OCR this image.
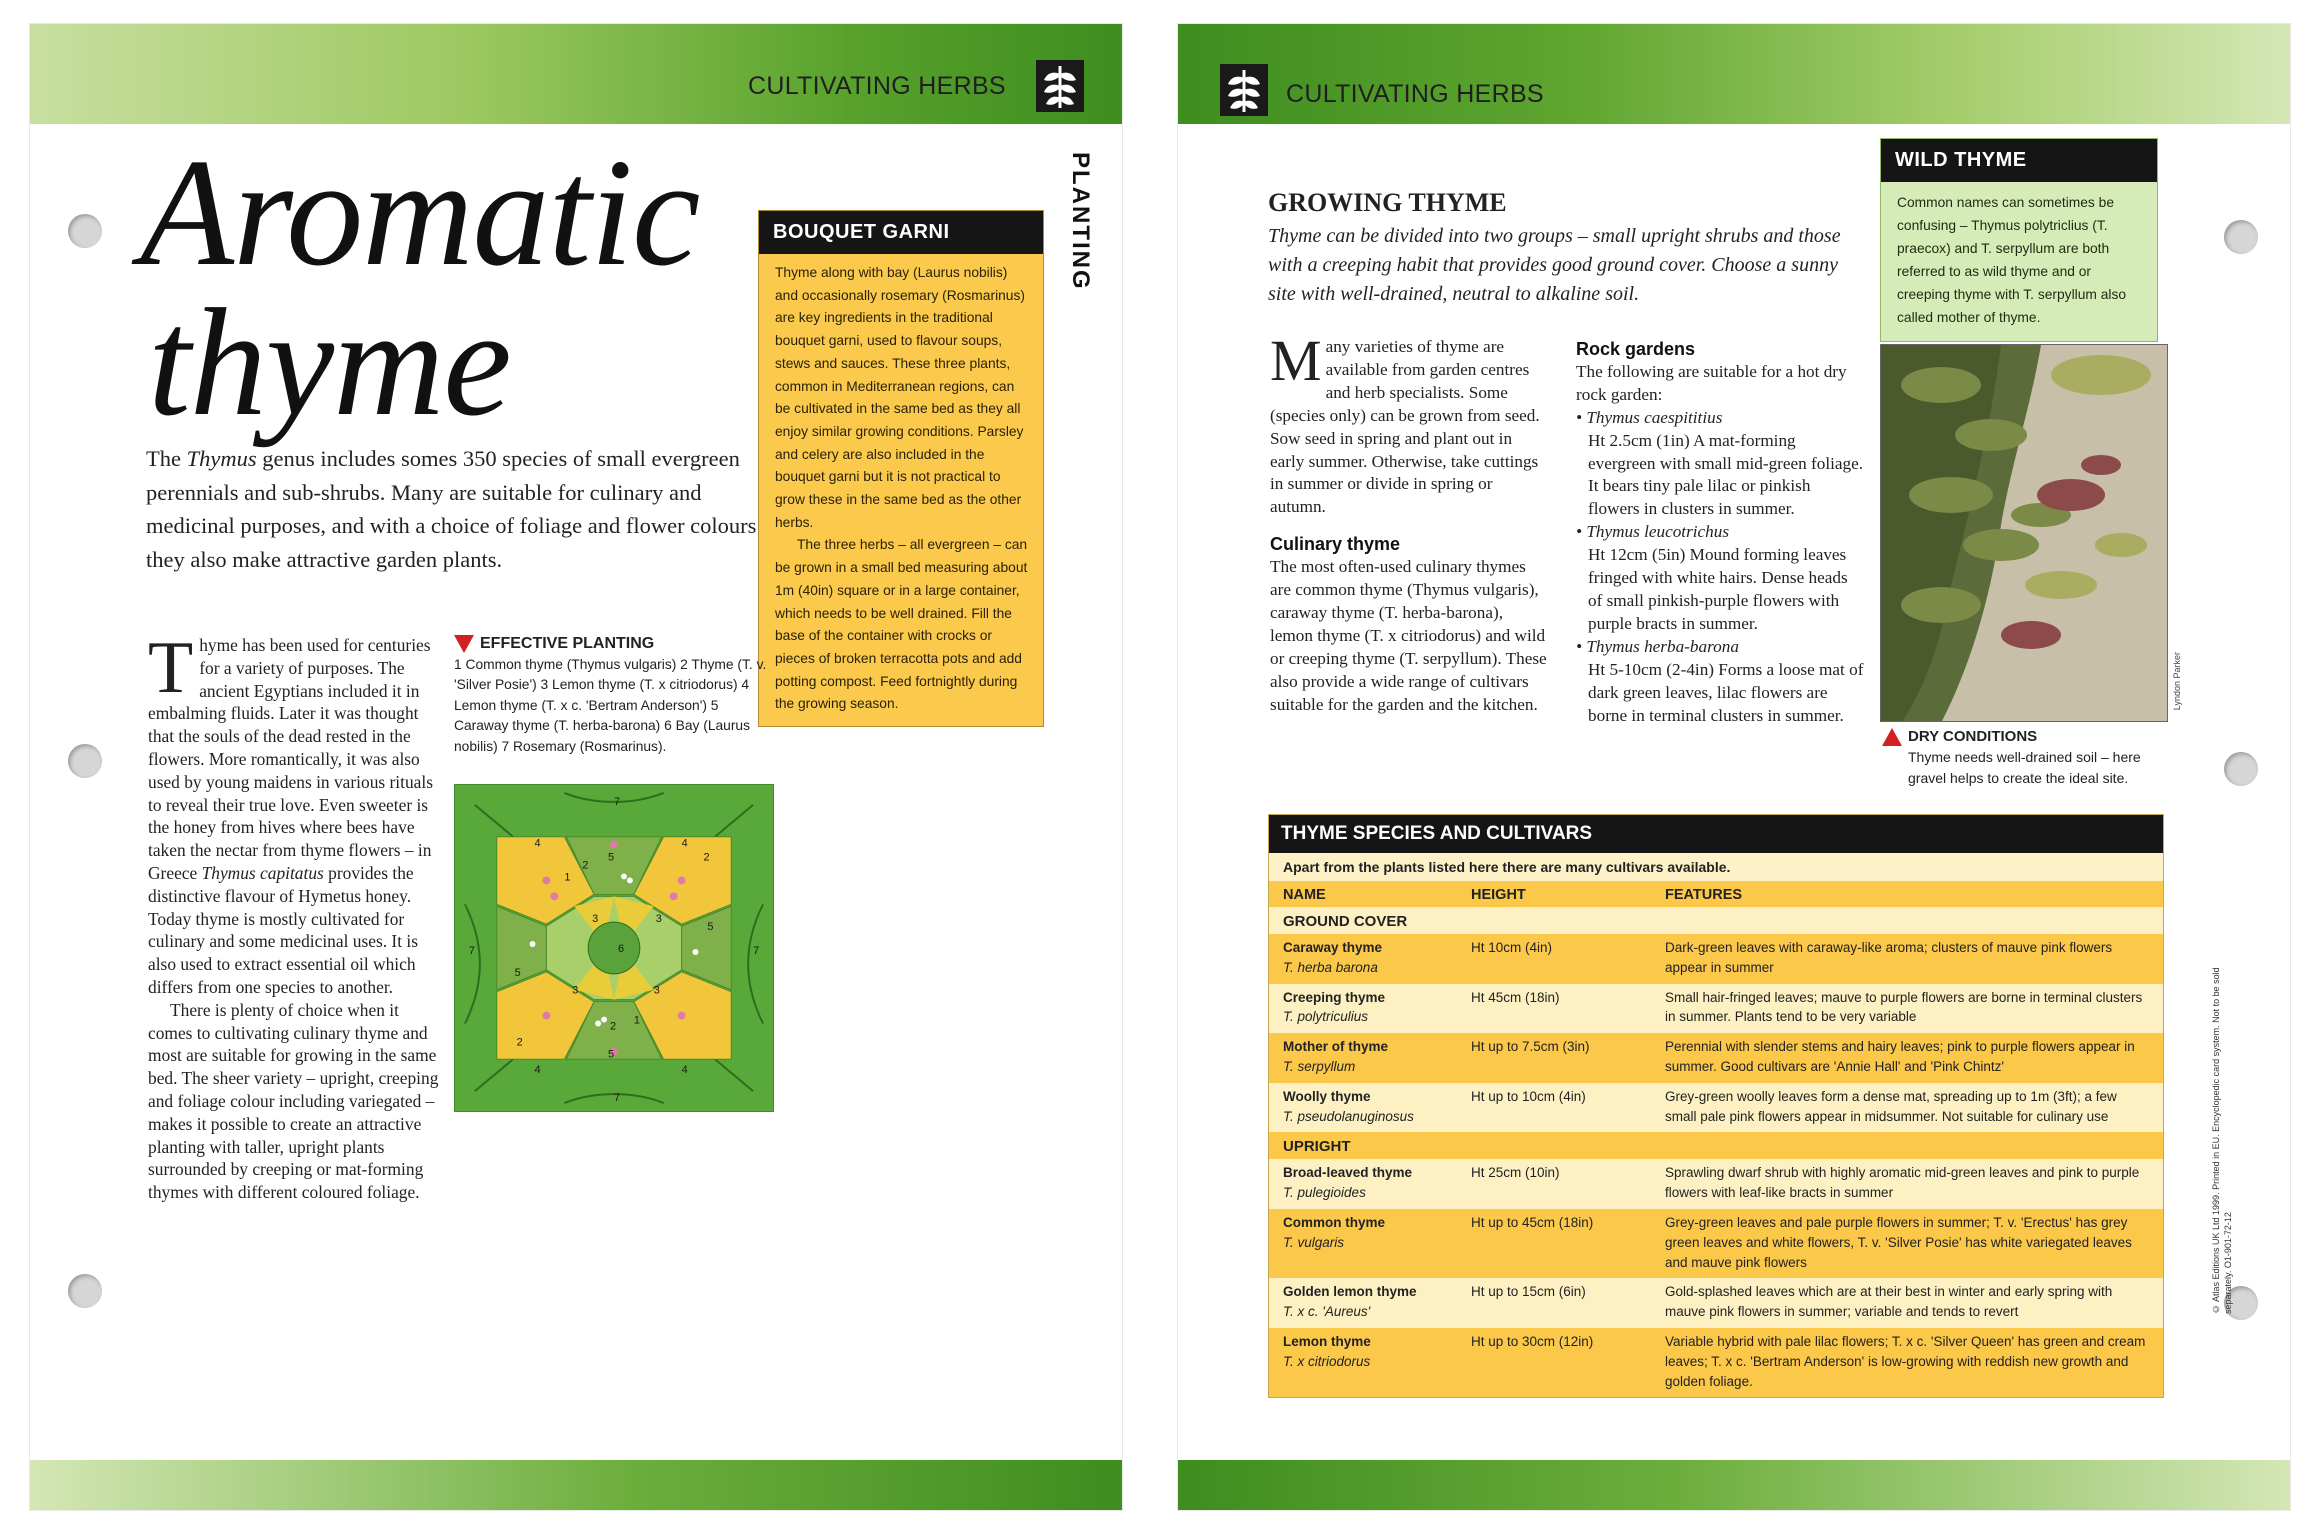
CULTIVATING HERBS
PLANTING
Aromatic
thyme
The Thymus genus includes somes 350 species of small evergreen perennials and sub-shrubs. Many are suitable for culinary and medicinal purposes, and with a choice of foliage and flower colours they also make attractive garden plants.
Thyme has been used for centuries for a variety of purposes. The ancient Egyptians included it in embalming fluids. Later it was thought that the souls of the dead rested in the flowers. More romantically, it was also used by young maidens in various rituals to reveal their true love. Even sweeter is the honey from hives where bees have taken the nectar from thyme flowers – in Greece Thymus capitatus provides the distinctive flavour of Hymetus honey. Today thyme is mostly cultivated for culinary and some medicinal uses. It is also used to extract essential oil which differs from one species to another.
There is plenty of choice when it comes to cultivating culinary thyme and most are suitable for growing in the same bed. The sheer variety – upright, creeping and foliage colour including variegated – makes it possible to create an attractive planting with taller, upright plants surrounded by creeping or mat-forming thymes with different coloured foliage.
BOUQUET GARNI
Thyme along with bay (Laurus nobilis) and occasionally rosemary (Rosmarinus) are key ingredients in the traditional bouquet garni, used to flavour soups, stews and sauces. These three plants, common in Mediterranean regions, can be cultivated in the same bed as they all enjoy similar growing conditions. Parsley and celery are also included in the bouquet garni but it is not practical to grow these in the same bed as the other herbs.
The three herbs – all evergreen – can be grown in a small bed measuring about 1m (40in) square or in a large container, which needs to be well drained. Fill the base of the container with crocks or pieces of broken terracotta pots and add potting compost. Feed fortnightly during the growing season.
EFFECTIVE PLANTING
1 Common thyme (Thymus vulgaris) 2 Thyme (T. v. 'Silver Posie') 3 Lemon thyme (T. x citriodorus) 4 Lemon thyme (T. x c. 'Bertram Anderson') 5 Caraway thyme (T. herba-barona) 6 Bay (Laurus nobilis) 7 Rosemary (Rosmarinus).
7
7
7	7
1
1
2
2
2
2
3	3
3	3
4	4
4	4
5
5
5
5
6
CULTIVATING HERBS
GROWING THYME

Thyme can be divided into two groups – small upright shrubs and those with a creeping habit that provides good ground cover. Choose a sunny site with well-drained, neutral to alkaline soil.

WILD THYME
Common names can sometimes be confusing – Thymus polytriclius (T. praecox) and T. serpyllum are both referred to as wild thyme and or creeping thyme with T. serpyllum also called mother of thyme.
Many varieties of thyme are available from garden centres and herb specialists. Some (species only) can be grown from seed. Sow seed in spring and plant out in early summer. Otherwise, take cuttings in summer or divide in spring or autumn.
Culinary thyme
The most often-used culinary thymes are common thyme (Thymus vulgaris), caraway thyme (T. herba-barona), lemon thyme (T. x citriodorus) and wild or creeping thyme (T. serpyllum). These also provide a wide range of cultivars suitable for the garden and the kitchen.
Rock gardens
The following are suitable for a hot dry rock garden:
• Thymus caespititius
Ht 2.5cm (1in) A mat-forming evergreen with small mid-green foliage. It bears tiny pale lilac or pinkish flowers in clusters in summer.
• Thymus leucotrichus
Ht 12cm (5in) Mound forming leaves fringed with white hairs. Dense heads of small pinkish-purple flowers with purple bracts in summer.
• Thymus herba-barona
Ht 5-10cm (2-4in) Forms a loose mat of dark green leaves, lilac flowers are borne in terminal clusters in summer.
Lyndon Parker
DRY CONDITIONS
Thyme needs well-drained soil – here gravel helps to create the ideal site.
THYME SPECIES AND CULTIVARS
Apart from the plants listed here there are many cultivars available.
NAME	HEIGHT	FEATURES
GROUND COVER
Caraway thyme
T. herba barona
Ht 10cm (4in)	Dark-green leaves with caraway-like aroma; clusters of mauve pink flowers appear in summer
Creeping thyme
T. polytriculius
Ht 45cm (18in)	Small hair-fringed leaves; mauve to purple flowers are borne in terminal clusters in summer. Plants tend to be very variable
Mother of thyme
T. serpyllum
Ht up to 7.5cm (3in)	Perennial with slender stems and hairy leaves; pink to purple flowers appear in summer. Good cultivars are 'Annie Hall' and 'Pink Chintz'
Woolly thyme
T. pseudolanuginosus
Ht up to 10cm (4in)	Grey-green woolly leaves form a dense mat, spreading up to 1m (3ft); a few small pale pink flowers appear in midsummer. Not suitable for culinary use
UPRIGHT
Broad-leaved thyme
T. pulegioides
Ht 25cm (10in)	Sprawling dwarf shrub with highly aromatic mid-green leaves and pink to purple flowers with leaf-like bracts in summer
Common thyme
T. vulgaris
Ht up to 45cm (18in)	Grey-green leaves and pale purple flowers in summer; T. v. 'Erectus' has grey green leaves and white flowers, T. v. 'Silver Posie' has white variegated leaves and mauve pink flowers
Golden lemon thyme
T. x c. 'Aureus'
Ht up to 15cm (6in)	Gold-splashed leaves which are at their best in winter and early spring with mauve pink flowers in summer; variable and tends to revert
Lemon thyme
T. x citriodorus
Ht up to 30cm (12in)	Variable hybrid with pale lilac flowers; T. x c. 'Silver Queen' has green and cream leaves; T. x c. 'Bertram Anderson' is low-growing with reddish new growth and golden foliage.
© Atlas Editions UK Ltd 1999. Printed in EU. Encyclopedic card system. Not to be sold separately. O1-901-72-12
